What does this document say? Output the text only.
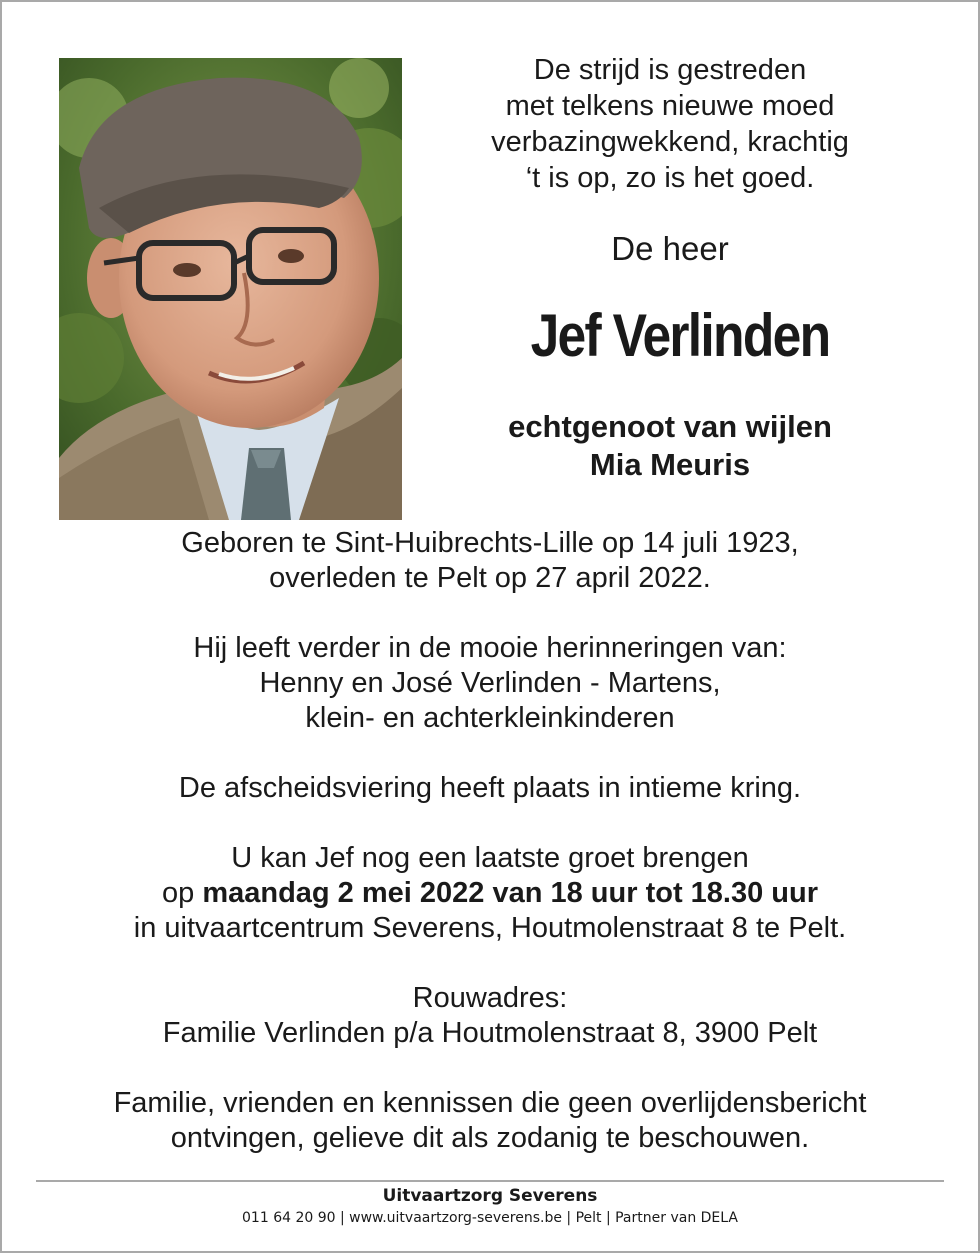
De strijd is gestreden
met telkens nieuwe moed
verbazingwekkend, krachtig
‘t is op, zo is het goed.
De heer
Jef Verlinden
echtgenoot van wijlen
Mia Meuris
Geboren te Sint-Huibrechts-Lille op 14 juli 1923,
overleden te Pelt op 27 april 2022.
Hij leeft verder in de mooie herinneringen van:
Henny en José Verlinden - Martens,
klein- en achterkleinkinderen
De afscheidsviering heeft plaats in intieme kring.
U kan Jef nog een laatste groet brengen
op maandag 2 mei 2022 van 18 uur tot 18.30 uur
in uitvaartcentrum Severens, Houtmolenstraat 8 te Pelt.
Rouwadres:
Familie Verlinden p/a Houtmolenstraat 8, 3900 Pelt
Familie, vrienden en kennissen die geen overlijdensbericht
ontvingen, gelieve dit als zodanig te beschouwen.
Uitvaartzorg Severens
011 64 20 90 | www.uitvaartzorg-severens.be | Pelt | Partner van DELA
